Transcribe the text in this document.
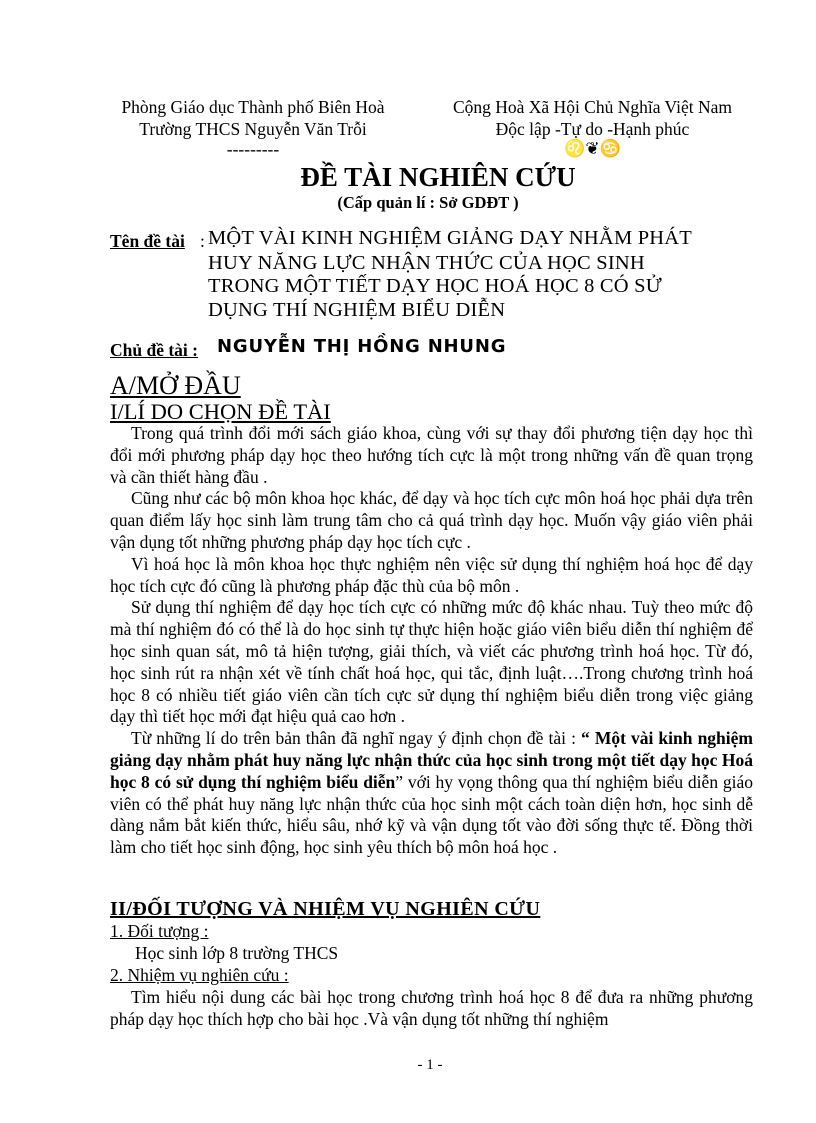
Phòng Giáo dục Thành phố Biên Hoà
Trường THCS Nguyễn Văn Trỗi
---------
Cộng Hoà Xã Hội Chủ Nghĩa Việt Nam
Độc lập -Tự do -Hạnh phúc
♌❦♋
ĐỀ TÀI NGHIÊN CỨU
(Cấp quản lí : Sở GDĐT )
Tên đề tài : MỘT VÀI KINH NGHIỆM GIẢNG DẠY NHẰM PHÁT
HUY NĂNG LỰC NHẬN THỨC CỦA HỌC SINH
TRONG MỘT TIẾT DẠY HỌC HOÁ HỌC 8 CÓ SỬ
DỤNG THÍ NGHIỆM BIỂU DIỄN
Chủ đề tài : NGUYỄN THỊ HỒNG NHUNG
A/MỞ ĐẦU
I/LÍ DO CHỌN ĐỀ TÀI

Trong quá trình đổi mới sách giáo khoa, cùng với sự thay đổi phương tiện dạy học thì đổi mới phương pháp dạy học theo hướng tích cực là một trong những vấn đề quan trọng và cần thiết hàng đầu .

Cũng như các bộ môn khoa học khác, để dạy và học tích cực môn hoá học phải dựa trên quan điểm lấy học sinh làm trung tâm cho cả quá trình dạy học. Muốn vậy giáo viên phải vận dụng tốt những phương pháp dạy học tích cực .

Vì hoá học là môn khoa học thực nghiệm nên việc sử dụng thí nghiệm hoá học để dạy học tích cực đó cũng là phương pháp đặc thù của bộ môn .

Sử dụng thí nghiệm để dạy học tích cực có những mức độ khác nhau. Tuỳ theo mức độ mà thí nghiệm đó có thể là do học sinh tự thực hiện hoặc giáo viên biểu diễn thí nghiệm để học sinh quan sát, mô tả hiện tượng, giải thích, và viết các phương trình hoá học. Từ đó, học sinh rút ra nhận xét về tính chất hoá học, qui tắc, định luật….Trong chương trình hoá học 8 có nhiều tiết giáo viên cần tích cực sử dụng thí nghiệm biểu diễn trong việc giảng dạy thì tiết học mới đạt hiệu quả cao hơn .

Từ những lí do trên bản thân đã nghĩ ngay ý định chọn đề tài : “ Một vài kinh nghiệm giảng dạy nhằm phát huy năng lực nhận thức của học sinh trong một tiết dạy học Hoá học 8 có sử dụng thí nghiệm biểu diễn” với hy vọng thông qua thí nghiệm biểu diễn giáo viên có thể phát huy năng lực nhận thức của học sinh một cách toàn diện hơn, học sinh dễ dàng nắm bắt kiến thức, hiểu sâu, nhớ kỹ và vận dụng tốt vào đời sống thực tế. Đồng thời làm cho tiết học sinh động, học sinh yêu thích bộ môn hoá học .

II/ĐỐI TƯỢNG VÀ NHIỆM VỤ NGHIÊN CỨU
1. Đối tượng :
Học sinh lớp 8 trường THCS
2. Nhiệm vụ nghiên cứu :

Tìm hiểu nội dung các bài học trong chương trình hoá học 8 để đưa ra những phương pháp dạy học thích hợp cho bài học .Và vận dụng tốt những thí nghiệm

- 1 -
